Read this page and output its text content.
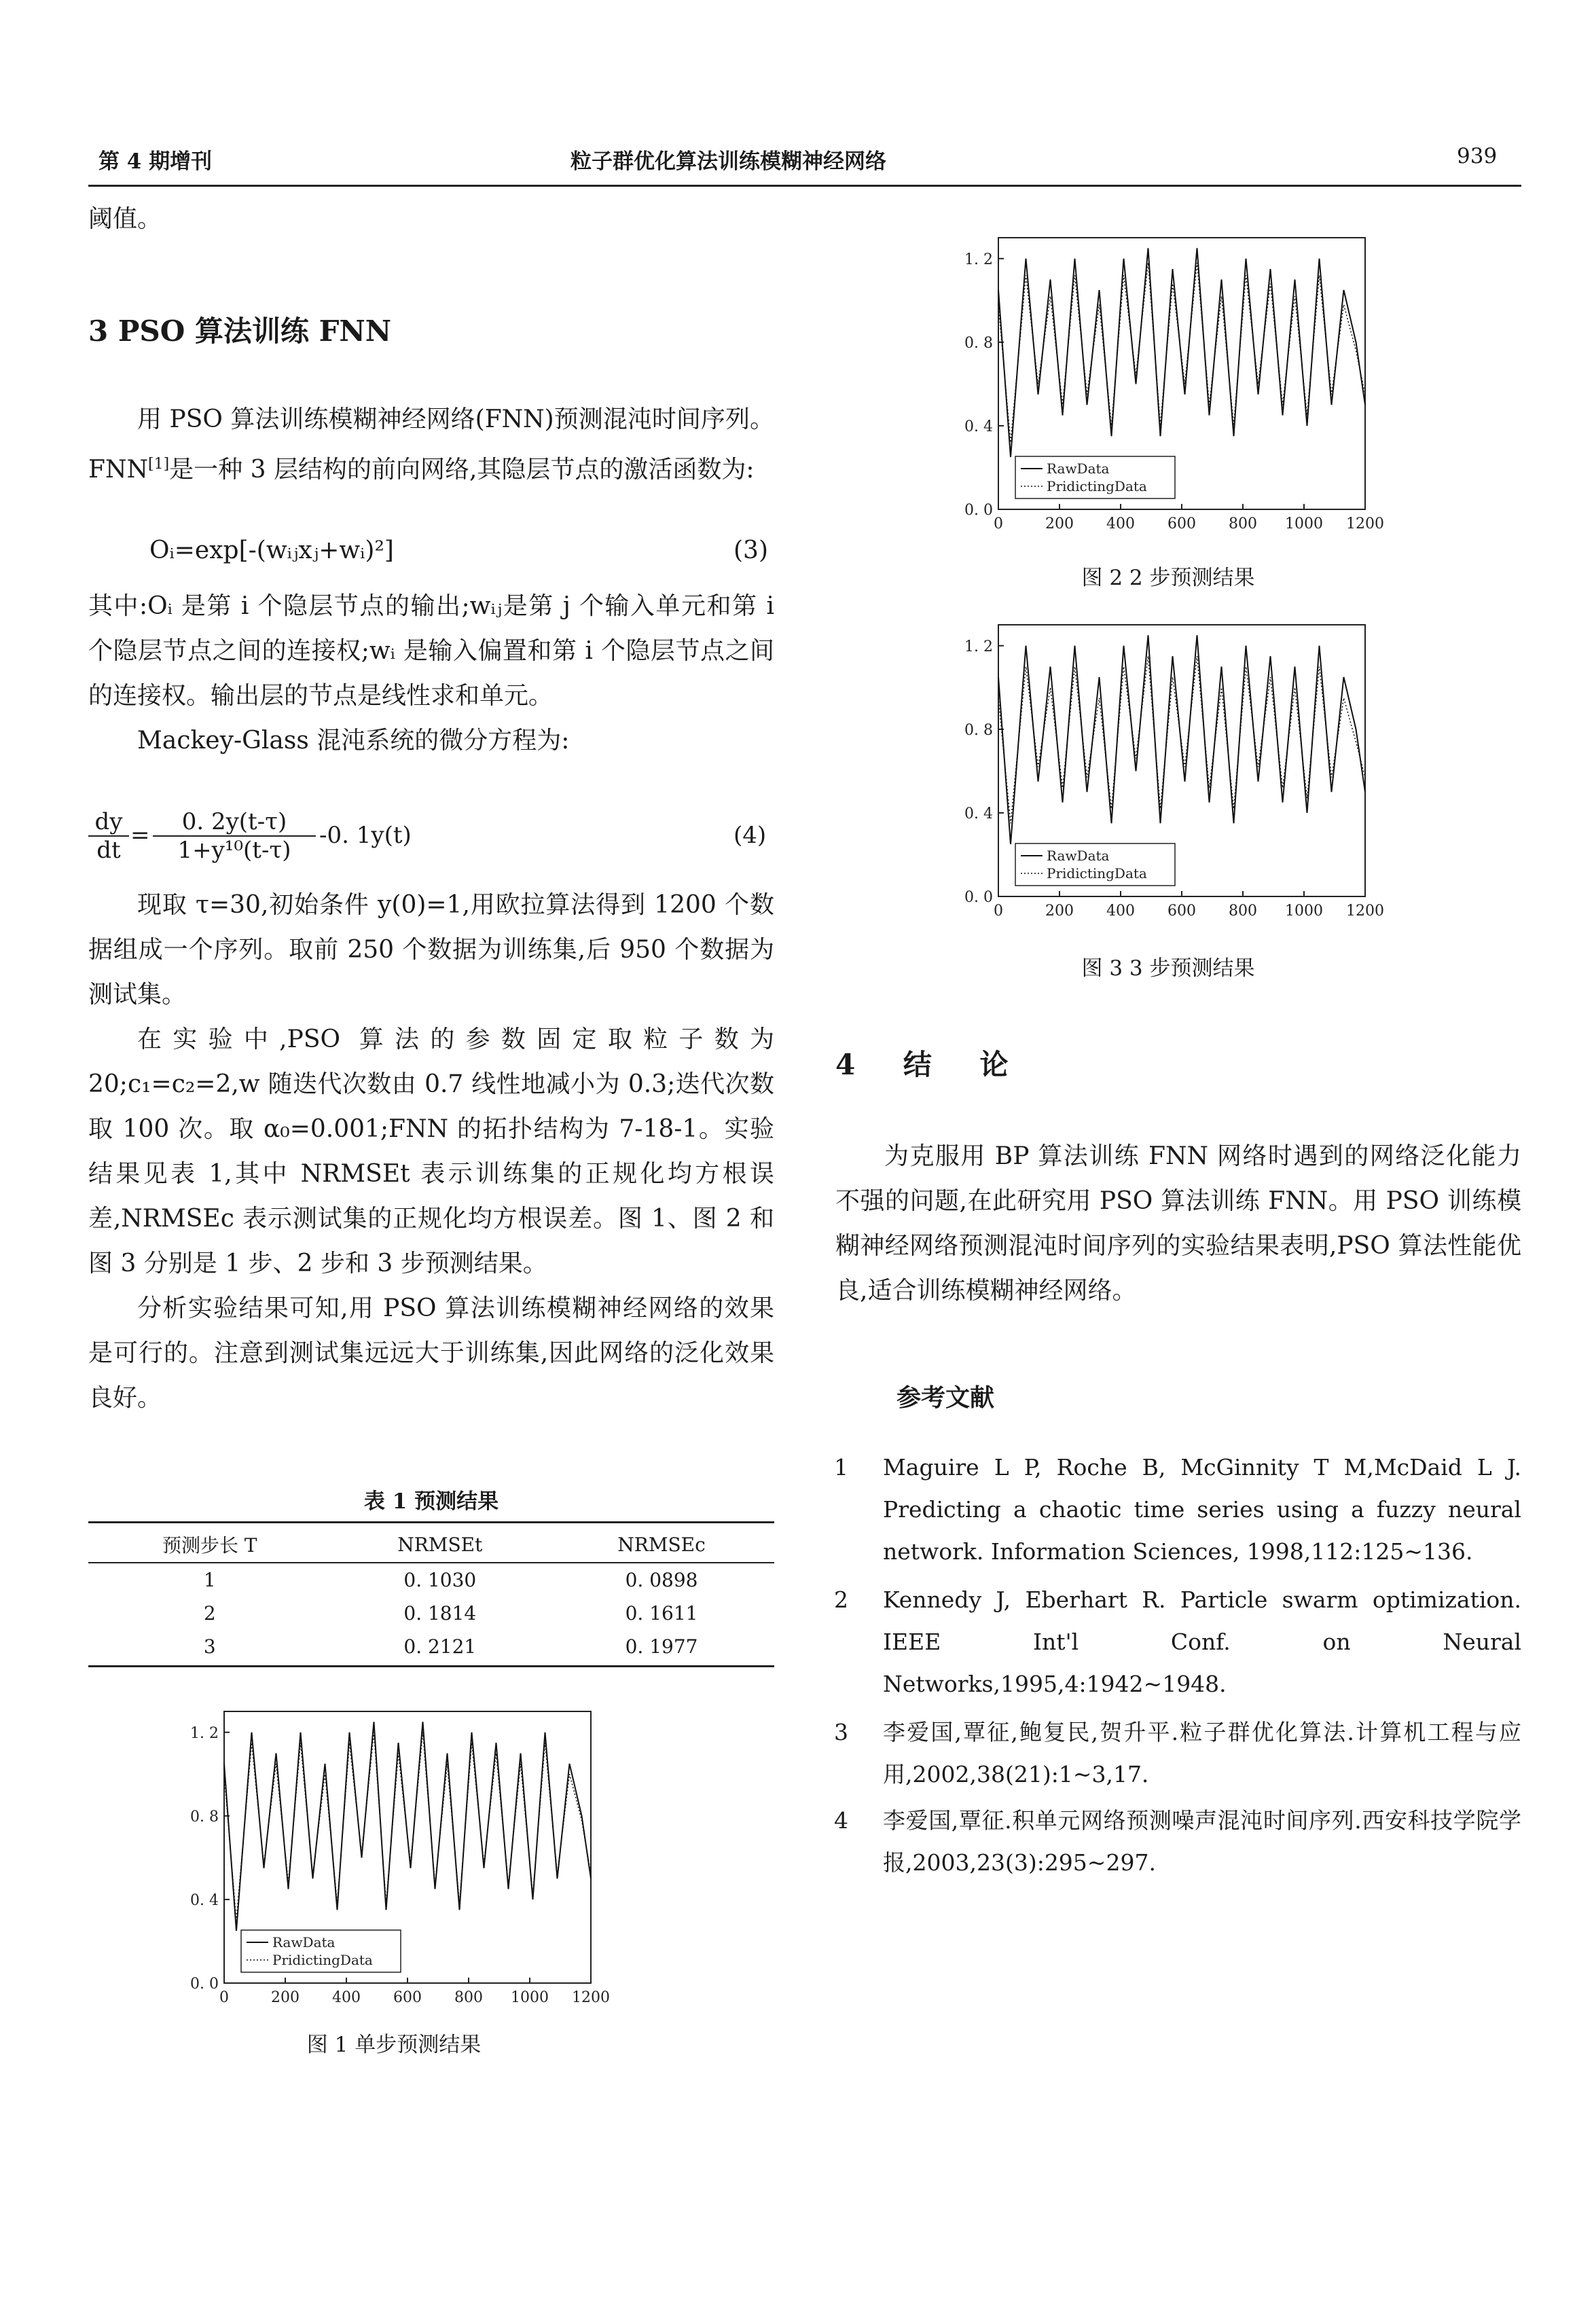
第 4 期增刊	粒子群优化算法训练模糊神经网络	939

阈值。

3 PSO 算法训练 FNN

用 PSO 算法训练模糊神经网络(FNN)预测混沌时间序列。FNN[1]是一种 3 层结构的前向网络,其隐层节点的激活函数为:

Oᵢ=exp[-(wᵢⱼxⱼ+wᵢ)²]	(3)

其中:Oᵢ 是第 i 个隐层节点的输出;wᵢⱼ是第 j 个输入单元和第 i 个隐层节点之间的连接权;wᵢ 是输入偏置和第 i 个隐层节点之间的连接权。输出层的节点是线性求和单元。

Mackey-Glass 混沌系统的微分方程为:

dy
dt
= $\frac{0. 2y(t-\tau)}{\text{1+y¹⁰(t-τ)}} -0$. 1y(t)	(4)

现取 τ=30,初始条件 y(0)=1,用欧拉算法得到 1200 个数据组成一个序列。取前 250 个数据为训练集,后 950 个数据为测试集。

在实验中,PSO 算法的参数固定取粒子数为 20;c₁=c₂=2,w 随迭代次数由 0.7 线性地减小为 0.3;迭代次数取 100 次。取 α₀=0.001;FNN 的拓扑结构为 7-18-1。实验结果见表 1,其中 NRMSEt 表示训练集的正规化均方根误差,NRMSEc 表示测试集的正规化均方根误差。图 1、图 2 和图 3 分别是 1 步、2 步和 3 步预测结果。

分析实验结果可知,用 PSO 算法训练模糊神经网络的效果是可行的。注意到测试集远远大于训练集,因此网络的泛化效果良好。

表 1 预测结果
预测步长 T	NRMSEt	NRMSEc
1	0. 1030	0. 0898
2	0. 1814	0. 1611
3	0. 2121	0. 1977
0. 0
0. 4
0. 8
1. 2
0	200 400 600 800 1000 1200
RawData
PridictingData
图 1 单步预测结果
0. 0
0. 4
0. 8
1. 2
0	200 400 600 800 1000 1200
RawData
PridictingData
图 2 2 步预测结果
0. 0
0. 4
0. 8
1. 2
0	200 400 600 800 1000 1200
RawData
PridictingData
图 3 3 步预测结果
4 结 论

为克服用 BP 算法训练 FNN 网络时遇到的网络泛化能力不强的问题,在此研究用 PSO 算法训练 FNN。用 PSO 训练模糊神经网络预测混沌时间序列的实验结果表明,PSO 算法性能优良,适合训练模糊神经网络。

参考文献
1 Maguire L P, Roche B, McGinnity T M,McDaid L J. Predicting a chaotic time series using a fuzzy neural network. Information Sciences, 1998,112:125~136.
2 Kennedy J, Eberhart R. Particle swarm optimization. IEEE Int'l Conf. on Neural Networks,1995,4:1942~1948.
3 李爱国,覃征,鲍复民,贺升平.粒子群优化算法.计算机工程与应用,2002,38(21):1~3,17.
4 李爱国,覃征.积单元网络预测噪声混沌时间序列.西安科技学院学报,2003,23(3):295~297.
